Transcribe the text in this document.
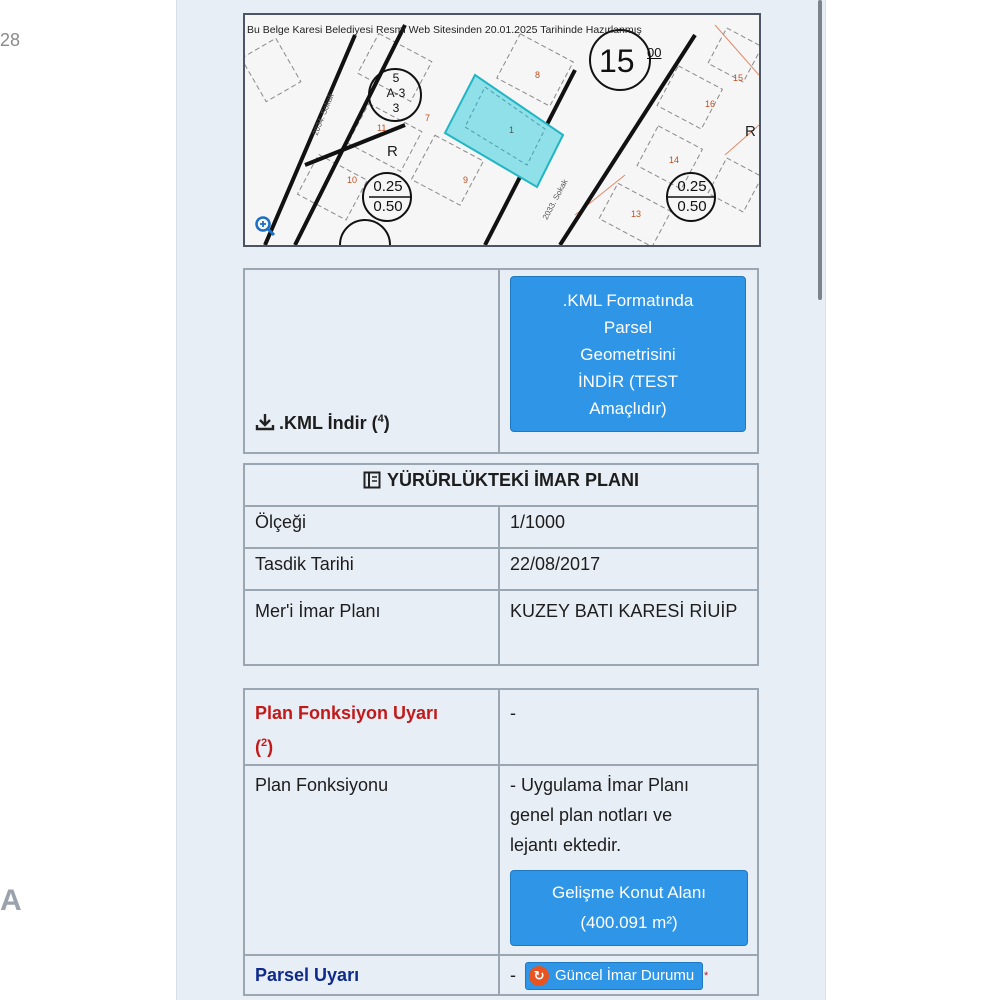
28
A
Bu Belge Karesi Belediyesi Resmi Web Sitesinden 20.01.2025 Tarihinde Hazırlanmış
15 00
5
A-3
3
0.25
0.50
0.25
0.50
R
R
2034. Sokak
2033. Sokak
8
7
11
10	9
16
15
14
13
1
.KML İndir ($^4$)	
.KML Formatında
Parsel
Geometrisini
İNDİR (TEST
Amaçlıdır)
YÜRÜRLÜKTEKİ İMAR PLANI	
Ölçeği	1/1000
Tasdik Tarihi	22/08/2017
Mer'i İmar Planı	KUZEY BATI KARESİ RİUİP
Plan Fonksiyon Uyarı
($^2$)	-
Plan Fonksiyonu	- Uygulama İmar Planı
genel plan notları ve
lejantı ektedir.
Gelişme Konut Alanı
(400.091 m²)

Parsel Uyarı	- ↻ Güncel İmar Durumu *
